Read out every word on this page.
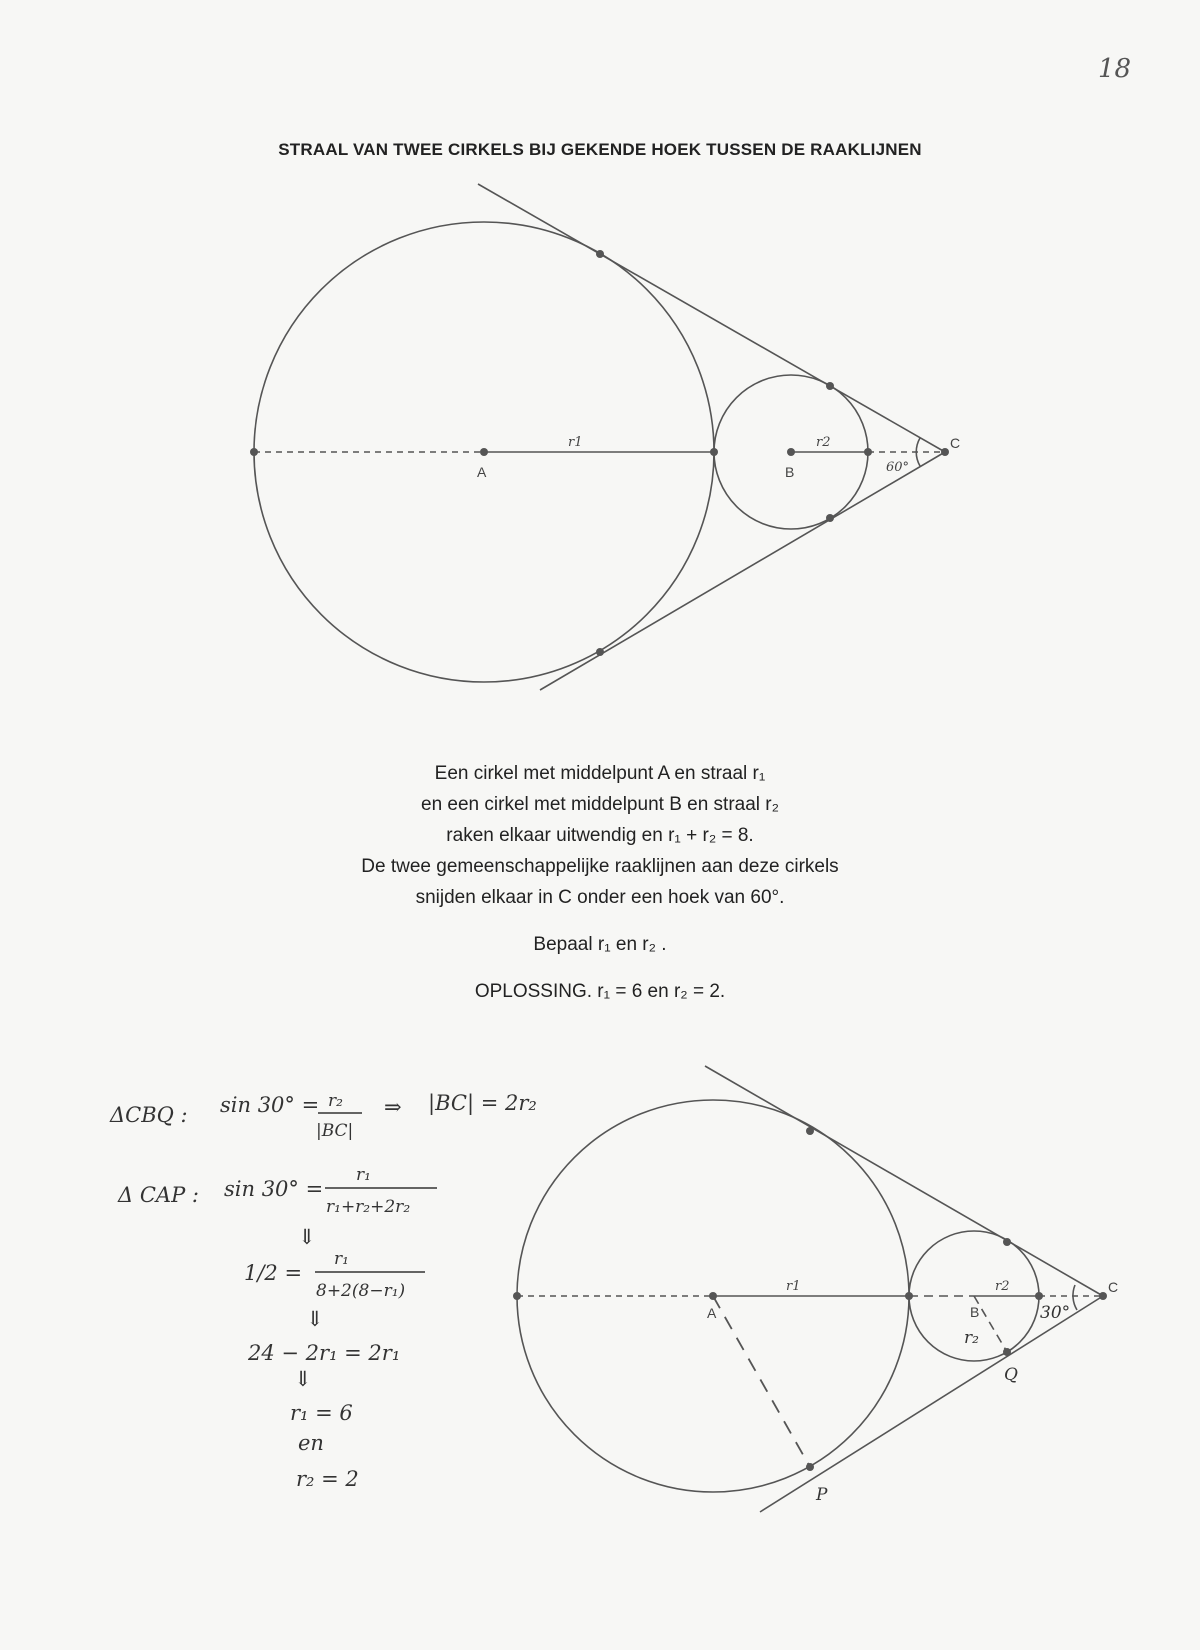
18
STRAAL VAN TWEE CIRKELS BIJ GEKENDE HOEK TUSSEN DE RAAKLIJNEN
A	B
C
r1	r2
60°
Een cirkel met middelpunt A en straal r₁
en een cirkel met middelpunt B en straal r₂
raken elkaar uitwendig en r₁ + r₂ = 8.
De twee gemeenschappelijke raaklijnen aan deze cirkels
snijden elkaar in C onder een hoek van 60°.
Bepaal r₁ en r₂ .
OPLOSSING. r₁ = 6 en r₂ = 2.
A	B
C
r1	r2
r₂
P
Q
30°
ΔCBQ : sin 30° = r₂
|BC|
⇒ |BC| = 2r₂
Δ CAP : sin 30° =
r₁
r₁+r₂+2r₂
⇓
1/2 =
r₁
8+2(8−r₁)
⇓
24 − 2r₁ = 2r₁
⇓
r₁ = 6
en
r₂ = 2
